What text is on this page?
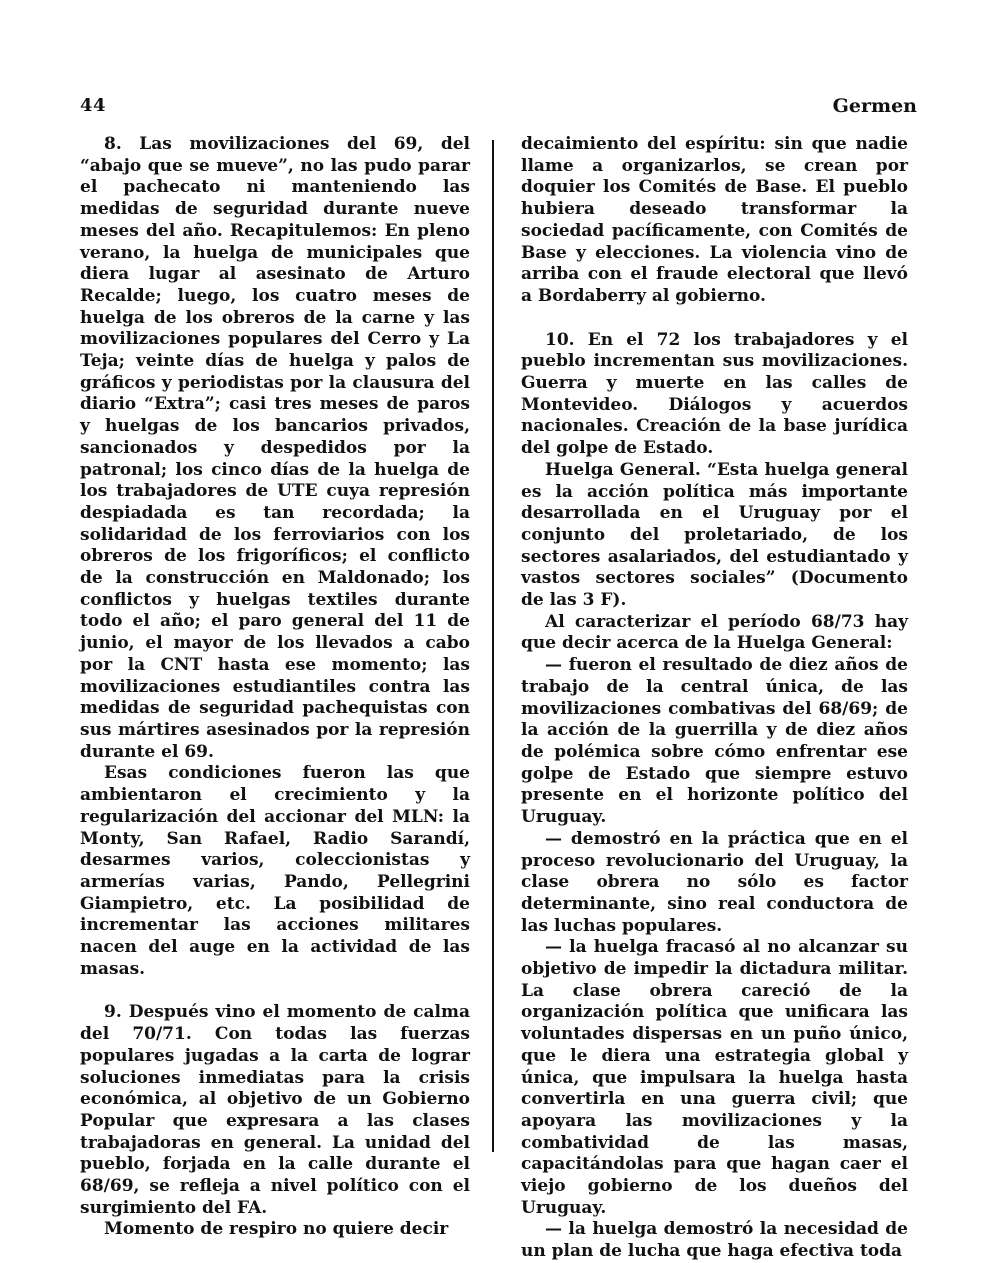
44	Germen

8. Las movilizaciones del 69, del “abajo que se mueve”, no las pudo parar el pachecato ni manteniendo las medidas de seguridad durante nueve meses del año. Recapitulemos: En pleno verano, la huelga de municipales que diera lugar al asesinato de Arturo Recalde; luego, los cuatro meses de huelga de los obreros de la carne y las movilizaciones populares del Cerro y La Teja; veinte días de huelga y palos de gráficos y periodistas por la clausura del diario “Extra”; casi tres meses de paros y huelgas de los bancarios privados, sancionados y despedidos por la patronal; los cinco días de la huelga de los trabajadores de UTE cuya represión despiadada es tan recordada; la solidaridad de los ferroviarios con los obreros de los frigoríficos; el conflicto de la construcción en Maldonado; los conflictos y huelgas textiles durante todo el año; el paro general del 11 de junio, el mayor de los llevados a cabo por la CNT hasta ese momento; las movilizaciones estudiantiles contra las medidas de seguridad pachequistas con sus mártires asesinados por la represión durante el 69.

Esas condiciones fueron las que ambientaron el crecimiento y la regularización del accionar del MLN: la Monty, San Rafael, Radio Sarandí, desarmes varios, coleccionistas y armerías varias, Pando, Pellegrini Giampietro, etc. La posibilidad de incrementar las acciones militares nacen del auge en la actividad de las masas.

9. Después vino el momento de calma del 70/71. Con todas las fuerzas populares jugadas a la carta de lograr soluciones inmediatas para la crisis económica, al objetivo de un Gobierno Popular que expresara a las clases trabajadoras en general. La unidad del pueblo, forjada en la calle durante el 68/69, se refleja a nivel político con el surgimiento del FA.

Momento de respiro no quiere decir

decaimiento del espíritu: sin que nadie llame a organizarlos, se crean por doquier los Comités de Base. El pueblo hubiera deseado transformar la sociedad pacíficamente, con Comités de Base y elecciones. La violencia vino de arriba con el fraude electoral que llevó a Bordaberry al gobierno.

10. En el 72 los trabajadores y el pueblo incrementan sus movilizaciones. Guerra y muerte en las calles de Montevideo. Diálogos y acuerdos nacionales. Creación de la base jurídica del golpe de Estado.

Huelga General. “Esta huelga general es la acción política más importante desarrollada en el Uruguay por el conjunto del proletariado, de los sectores asalariados, del estudiantado y vastos sectores sociales” (Documento de las 3 F).

Al caracterizar el período 68/73 hay que decir acerca de la Huelga General:

— fueron el resultado de diez años de trabajo de la central única, de las movilizaciones combativas del 68/69; de la acción de la guerrilla y de diez años de polémica sobre cómo enfrentar ese golpe de Estado que siempre estuvo presente en el horizonte político del Uruguay.

— demostró en la práctica que en el proceso revolucionario del Uruguay, la clase obrera no sólo es factor determinante, sino real conductora de las luchas populares.

— la huelga fracasó al no alcanzar su objetivo de impedir la dictadura militar. La clase obrera careció de la organización política que unificara las voluntades dispersas en un puño único, que le diera una estrategia global y única, que impulsara la huelga hasta convertirla en una guerra civil; que apoyara las movilizaciones y la combatividad de las masas, capacitándolas para que hagan caer el viejo gobierno de los dueños del Uruguay.

— la huelga demostró la necesidad de un plan de lucha que haga efectiva toda
